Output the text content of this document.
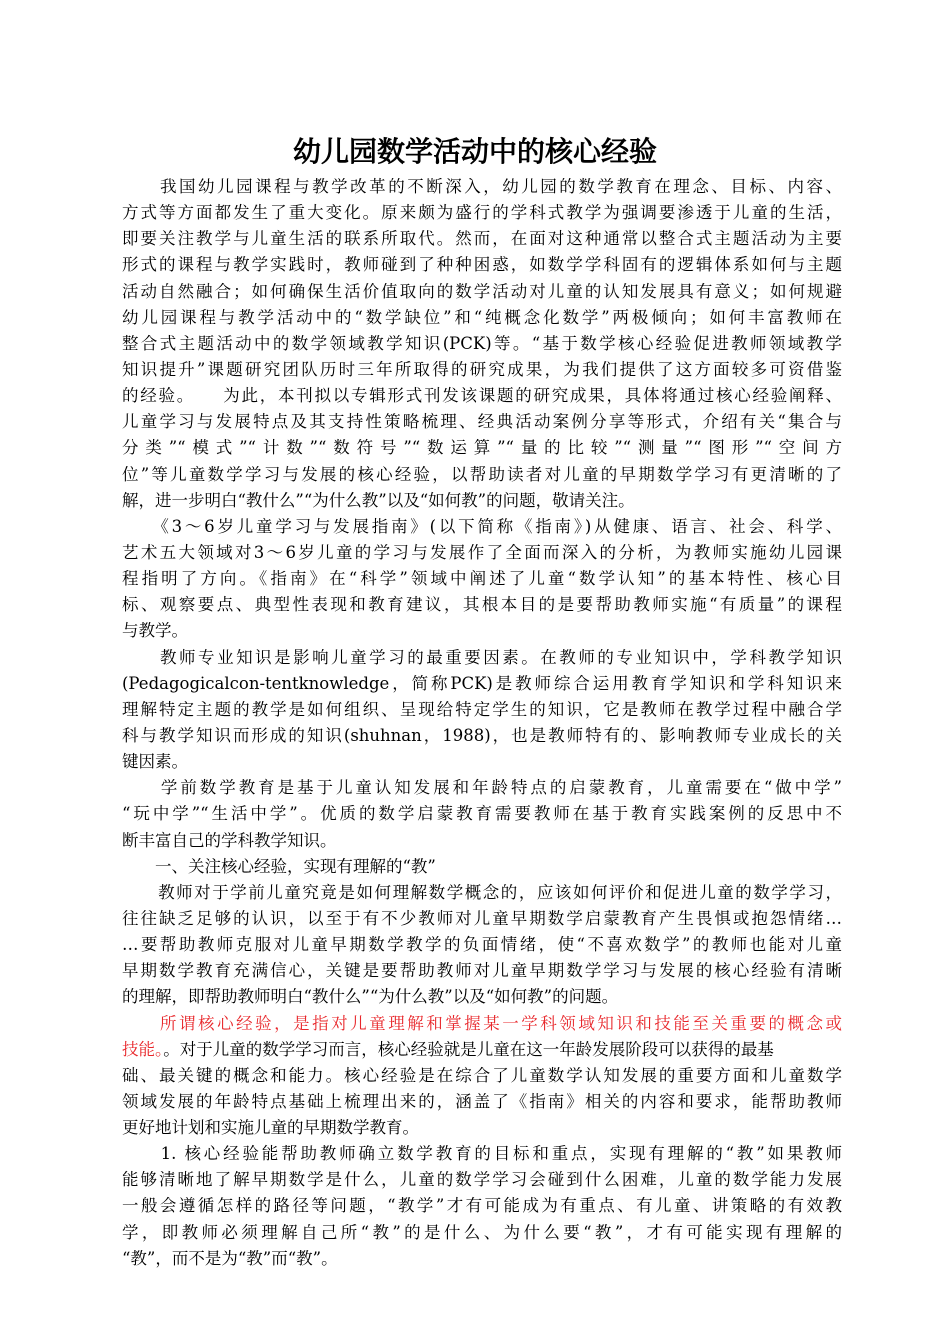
幼儿园数学活动中的核心经验
　　我国幼儿园课程与教学改革的不断深入，幼儿园的数学教育在理念、目标、内容、
方式等方面都发生了重大变化。原来颇为盛行的学科式教学为强调要渗透于儿童的生活，
即要关注教学与儿童生活的联系所取代。然而，在面对这种通常以整合式主题活动为主要
形式的课程与教学实践时，教师碰到了种种困惑，如数学学科固有的逻辑体系如何与主题
活动自然融合；如何确保生活价值取向的数学活动对儿童的认知发展具有意义；如何规避
幼儿园课程与教学活动中的“数学缺位”和“纯概念化数学”两极倾向；如何丰富教师在
整合式主题活动中的数学领域教学知识(PCK)等。“基于数学核心经验促进教师领域教学
知识提升”课题研究团队历时三年所取得的研究成果，为我们提供了这方面较多可资借鉴
的经验。　　为此，本刊拟以专辑形式刊发该课题的研究成果，具体将通过核心经验阐释、
儿童学习与发展特点及其支持性策略梳理、经典活动案例分享等形式，介绍有关“集合与
分类”“模式”“计数”“数符号”“数运算”“量的比较”“测量”“图形”“空间方
位”等儿童数学学习与发展的核心经验，以帮助读者对儿童的早期数学学习有更清晰的了
解，进一步明白“教什么”“为什么教”以及“如何教”的问题，敬请关注。
　　《3～6岁儿童学习与发展指南》(以下简称《指南》)从健康、语言、社会、科学、
艺术五大领域对3～6岁儿童的学习与发展作了全面而深入的分析，为教师实施幼儿园课
程指明了方向。《指南》在“科学”领域中阐述了儿童“数学认知”的基本特性、核心目
标、观察要点、典型性表现和教育建议，其根本目的是要帮助教师实施“有质量”的课程
与教学。
　　教师专业知识是影响儿童学习的最重要因素。在教师的专业知识中，学科教学知识
(Pedagogicalcon-tentknowledge，简称PCK)是教师综合运用教育学知识和学科知识来
理解特定主题的教学是如何组织、呈现给特定学生的知识，它是教师在教学过程中融合学
科与教学知识而形成的知识(shuhnan，1988)，也是教师特有的、影响教师专业成长的关
键因素。
　　学前数学教育是基于儿童认知发展和年龄特点的启蒙教育，儿童需要在“做中学”
“玩中学”“生活中学”。优质的数学启蒙教育需要教师在基于教育实践案例的反思中不
断丰富自己的学科教学知识。
　　一、关注核心经验，实现有理解的“教”
　　教师对于学前儿童究竟是如何理解数学概念的，应该如何评价和促进儿童的数学学习，
往往缺乏足够的认识，以至于有不少教师对儿童早期数学启蒙教育产生畏惧或抱怨情绪…
…要帮助教师克服对儿童早期数学教学的负面情绪，使“不喜欢数学”的教师也能对儿童
早期数学教育充满信心，关键是要帮助教师对儿童早期数学学习与发展的核心经验有清晰
的理解，即帮助教师明白“教什么”“为什么教”以及“如何教”的问题。
　　所谓核心经验，是指对儿童理解和掌握某一学科领域知识和技能至关重要的概念或
技能。。对于儿童的数学学习而言，核心经验就是儿童在这一年龄发展阶段可以获得的最基
础、最关键的概念和能力。核心经验是在综合了儿童数学认知发展的重要方面和儿童数学
领域发展的年龄特点基础上梳理出来的，涵盖了《指南》相关的内容和要求，能帮助教师
更好地计划和实施儿童的早期数学教育。
　　1. 核心经验能帮助教师确立数学教育的目标和重点，实现有理解的“教”如果教师
能够清晰地了解早期数学是什么，儿童的数学学习会碰到什么困难，儿童的数学能力发展
一般会遵循怎样的路径等问题，“教学”才有可能成为有重点、有儿童、讲策略的有效教
学，即教师必须理解自己所“教”的是什么、为什么要“教”，才有可能实现有理解的
“教”，而不是为“教”而“教”。
